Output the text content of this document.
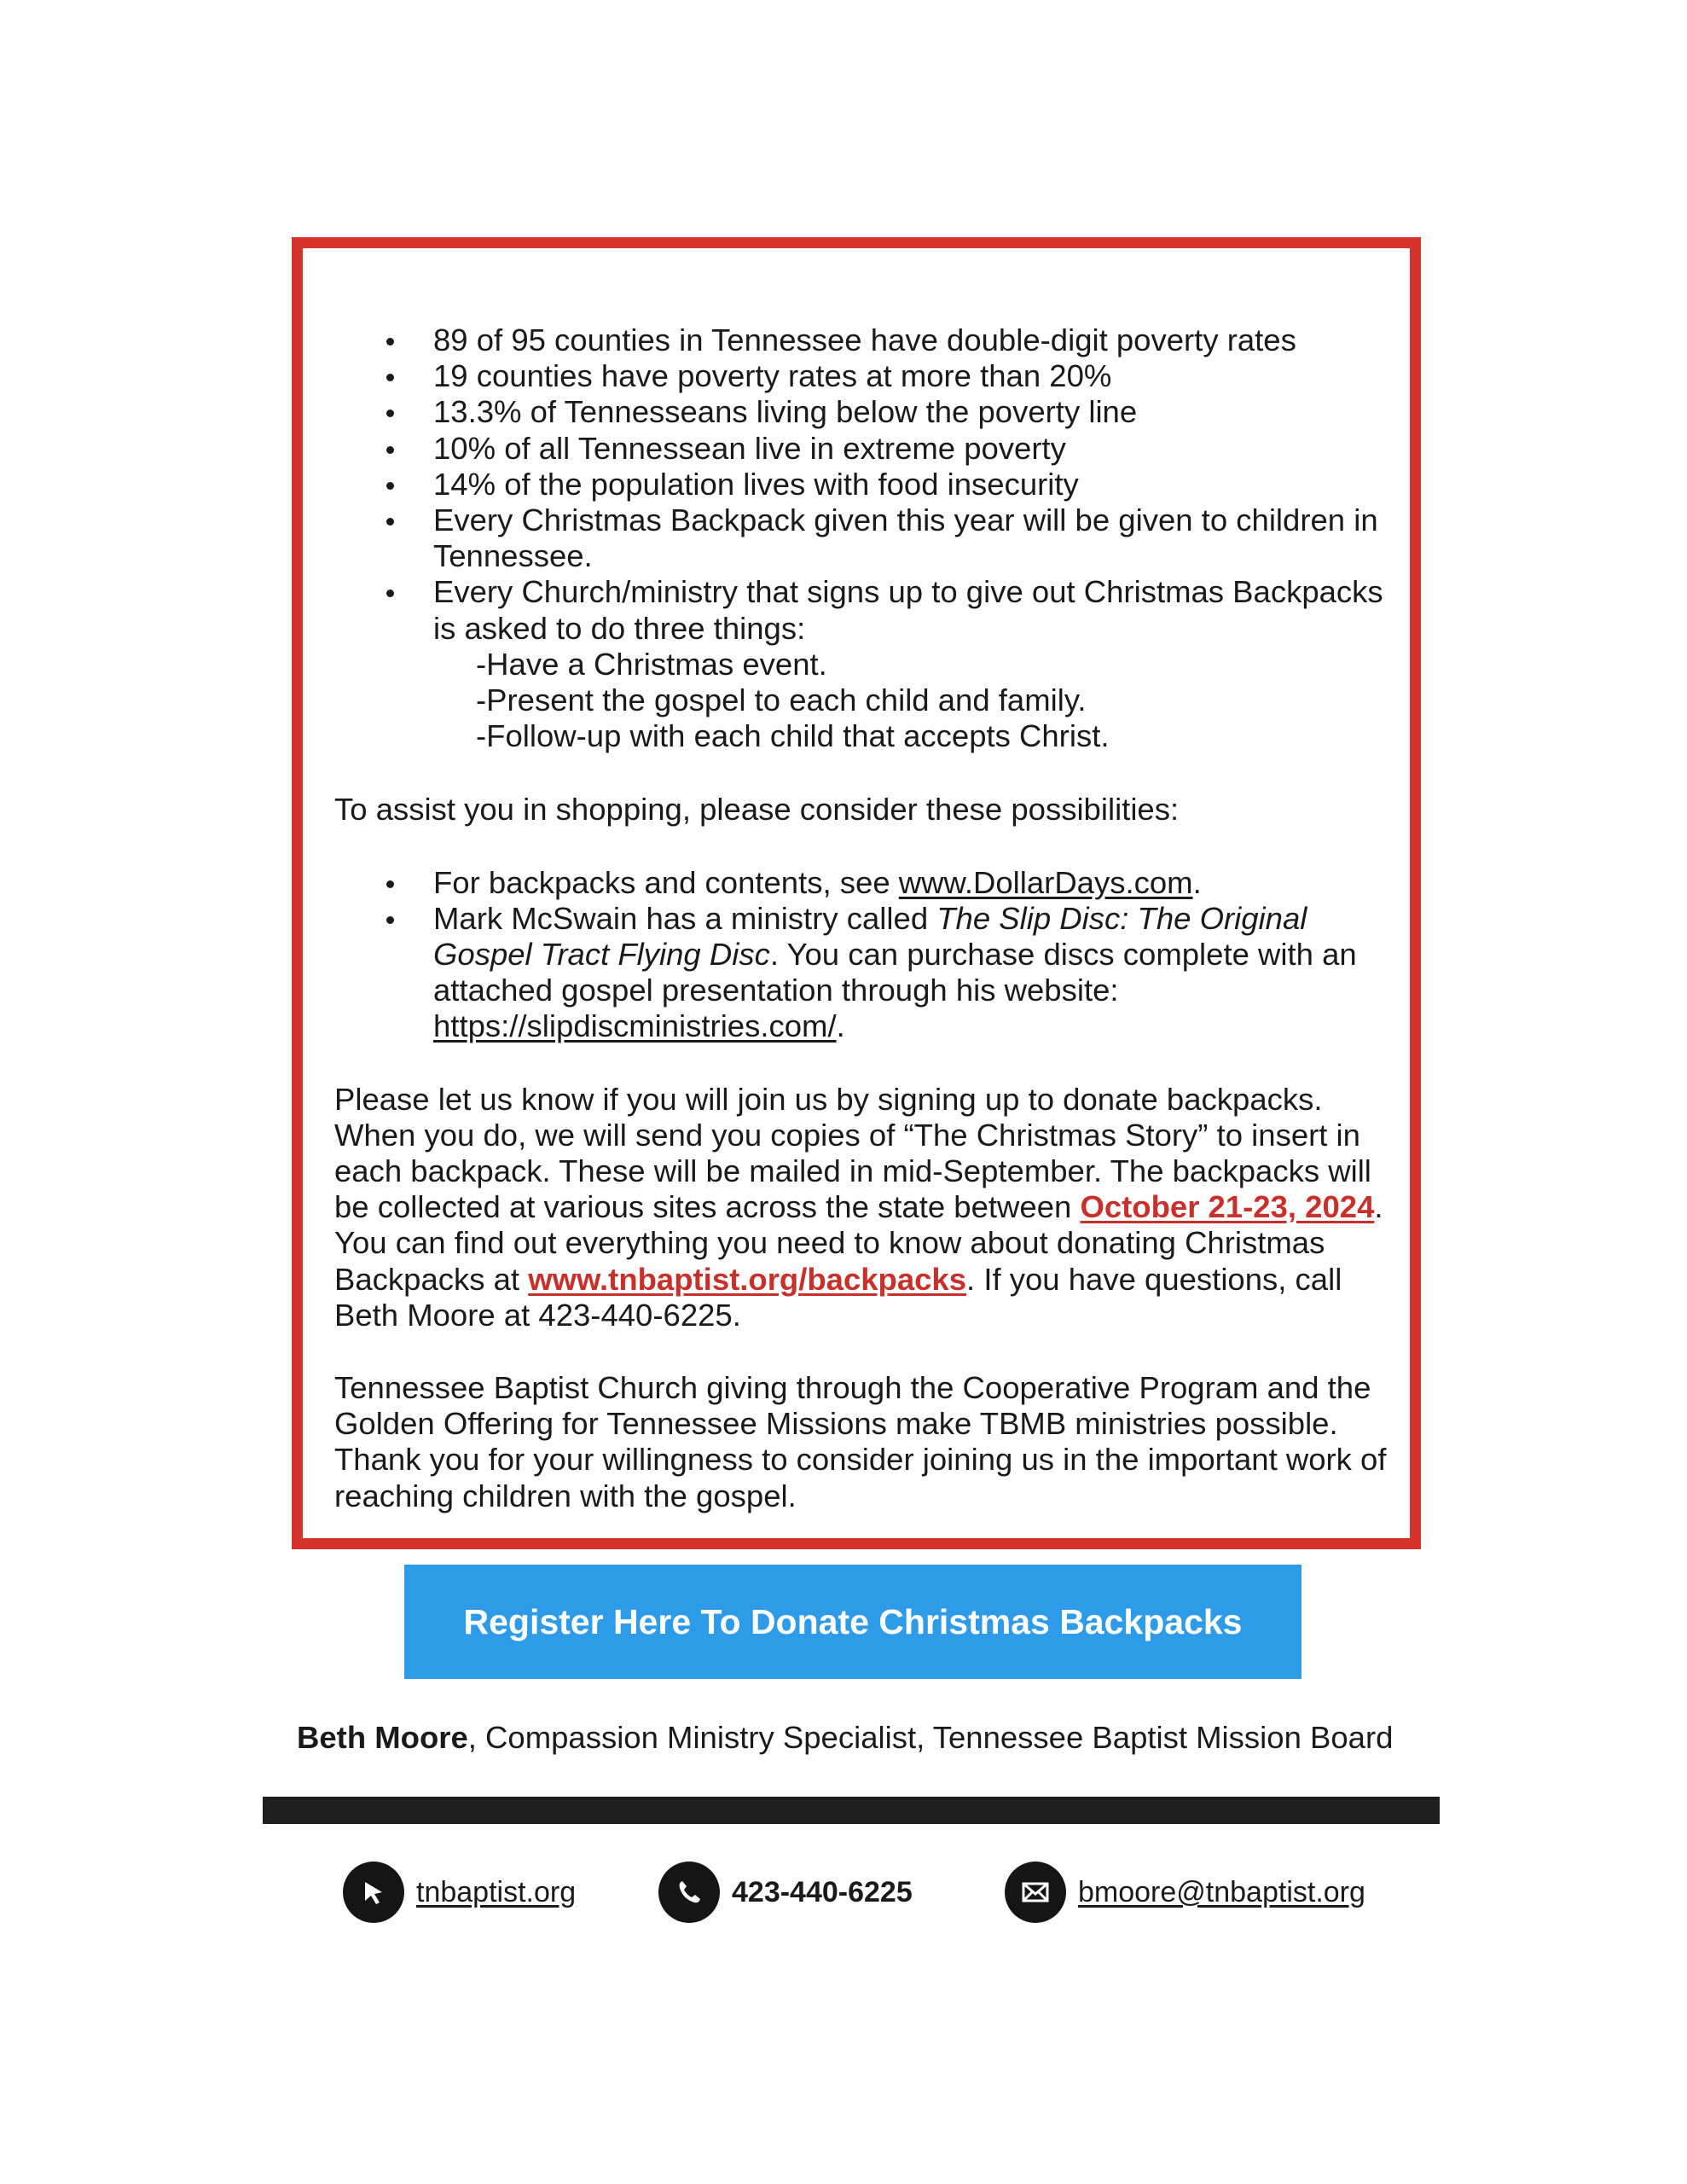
89 of 95 counties in Tennessee have double-digit poverty rates
19 counties have poverty rates at more than 20%
13.3% of Tennesseans living below the poverty line
10% of all Tennessean live in extreme poverty
14% of the population lives with food insecurity
Every Christmas Backpack given this year will be given to children in Tennessee.
Every Church/ministry that signs up to give out Christmas Backpacks is asked to do three things:
-Have a Christmas event.
-Present the gospel to each child and family.
-Follow-up with each child that accepts Christ.

To assist you in shopping, please consider these possibilities:

For backpacks and contents, see www.DollarDays.com.
Mark McSwain has a ministry called The Slip Disc: The Original Gospel Tract Flying Disc. You can purchase discs complete with an attached gospel presentation through his website: https://slipdiscministries.com/.

Please let us know if you will join us by signing up to donate backpacks. When you do, we will send you copies of “The Christmas Story” to insert in each backpack. These will be mailed in mid-September. The backpacks will be collected at various sites across the state between October 21-23, 2024. You can find out everything you need to know about donating Christmas Backpacks at www.tnbaptist.org/backpacks. If you have questions, call Beth Moore at 423-440-6225.

Tennessee Baptist Church giving through the Cooperative Program and the Golden Offering for Tennessee Missions make TBMB ministries possible. Thank you for your willingness to consider joining us in the important work of reaching children with the gospel.

Register Here To Donate Christmas Backpacks
Beth Moore, Compassion Ministry Specialist, Tennessee Baptist Mission Board
tnbaptist.org	423-440-6225	bmoore@tnbaptist.org
